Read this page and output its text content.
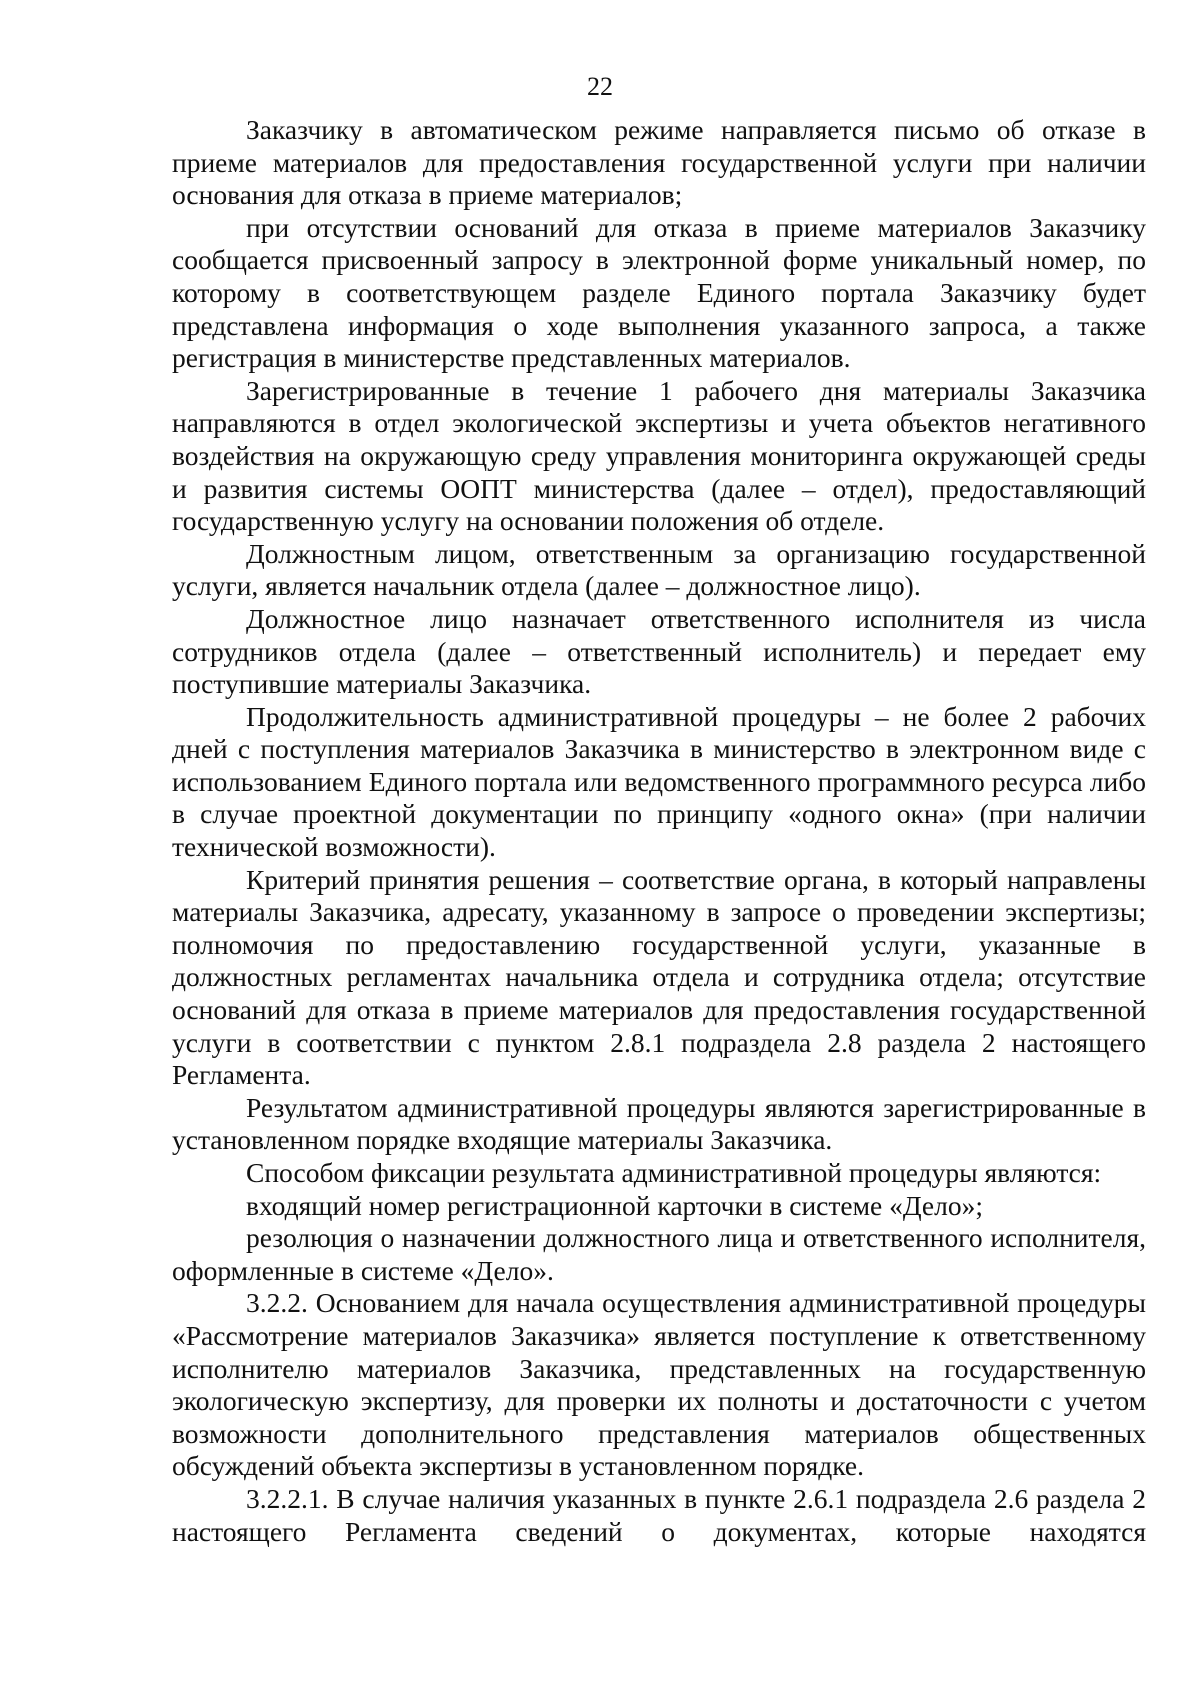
22

Заказчику в автоматическом режиме направляется письмо об отказе в приеме материалов для предоставления государственной услуги при наличии основания для отказа в приеме материалов;

при отсутствии оснований для отказа в приеме материалов Заказчику сообщается присвоенный запросу в электронной форме уникальный номер, по которому в соответствующем разделе Единого портала Заказчику будет представлена информация о ходе выполнения указанного запроса, а также регистрация в министерстве представленных материалов.

Зарегистрированные в течение 1 рабочего дня материалы Заказчика направляются в отдел экологической экспертизы и учета объектов негативного воздействия на окружающую среду управления мониторинга окружающей среды и развития системы ООПТ министерства (далее – отдел), предоставляющий государственную услугу на основании положения об отделе.

Должностным лицом, ответственным за организацию государственной услуги, является начальник отдела (далее – должностное лицо).

Должностное лицо назначает ответственного исполнителя из числа сотрудников отдела (далее – ответственный исполнитель) и передает ему поступившие материалы Заказчика.

Продолжительность административной процедуры – не более 2 рабочих дней с поступления материалов Заказчика в министерство в электронном виде с использованием Единого портала или ведомственного программного ресурса либо в случае проектной документации по принципу «одного окна» (при наличии технической возможности).

Критерий принятия решения – соответствие органа, в который направлены материалы Заказчика, адресату, указанному в запросе о проведении экспертизы; полномочия по предоставлению государственной услуги, указанные в должностных регламентах начальника отдела и сотрудника отдела; отсутствие оснований для отказа в приеме материалов для предоставления государственной услуги в соответствии с пунктом 2.8.1 подраздела 2.8 раздела 2 настоящего Регламента.

Результатом административной процедуры являются зарегистрированные в установленном порядке входящие материалы Заказчика.

Способом фиксации результата административной процедуры являются:

входящий номер регистрационной карточки в системе «Дело»;

резолюция о назначении должностного лица и ответственного исполнителя, оформленные в системе «Дело».

3.2.2. Основанием для начала осуществления административной процедуры «Рассмотрение материалов Заказчика» является поступление к ответственному исполнителю материалов Заказчика, представленных на государственную экологическую экспертизу, для проверки их полноты и достаточности с учетом возможности дополнительного представления материалов общественных обсуждений объекта экспертизы в установленном порядке.

3.2.2.1. В случае наличия указанных в пункте 2.6.1 подраздела 2.6 раздела 2 настоящего Регламента сведений о документах, которые находятся
